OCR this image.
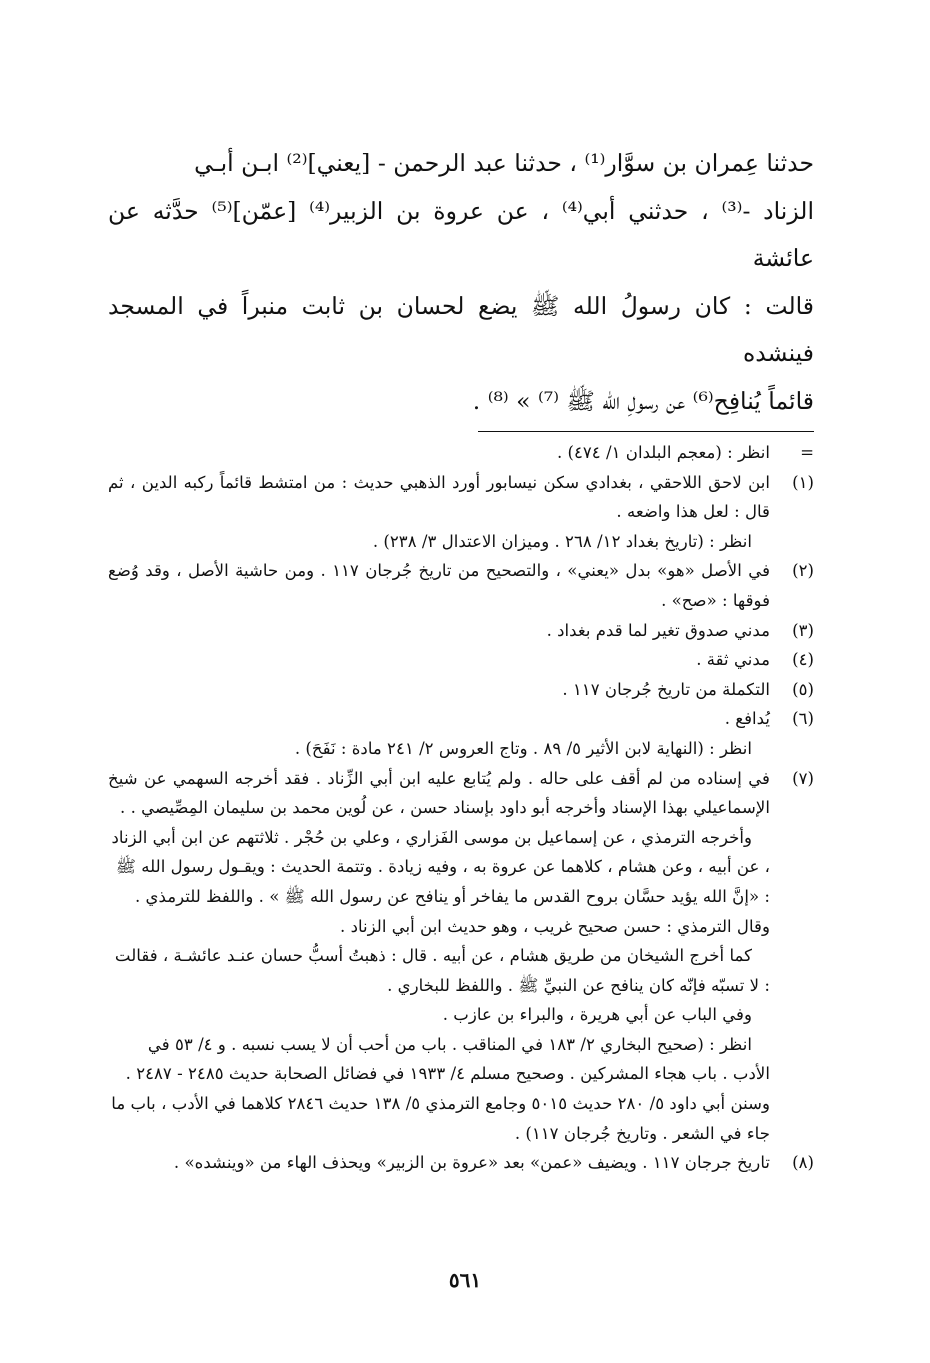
حدثنا عِمران بن سوَّار⁽¹⁾ ، حدثنا عبد الرحمن - [يعني]⁽²⁾ ابـن أبـي

الزناد -⁽³⁾ ، حدثني أبي⁽⁴⁾ ، عن عروة بن الزبير⁽⁴⁾ [عمّن]⁽⁵⁾ حدَّثه عن عائشة

قالت : كان رسولُ الله ﷺ يضع لحسان بن ثابت منبراً في المسجد فينشده

قائماً يُنافِح⁽⁶⁾ عن رسولِ الله ﷺ ⁽⁷⁾ » ⁽⁸⁾ .

=
انظر : (معجم البلدان ١/ ٤٧٤) .
(١)
ابن لاحق اللاحقي ، بغدادي سكن نيسابور أورد الذهبي حديث : من امتشط قائماً ركبه الدين ، ثم قال : لعل هذا واضعه .
انظر : (تاريخ بغداد ١٢/ ٢٦٨ . وميزان الاعتدال ٣/ ٢٣٨) .
(٢)
في الأصل «هو» بدل «يعني» ، والتصحيح من تاريخ جُرجان ١١٧ . ومن حاشية الأصل ، وقد وُضع فوقها : «صح» .
(٣)
مدني صدوق تغير لما قدم بغداد .
(٤)
مدني ثقة .
(٥)
التكملة من تاريخ جُرجان ١١٧ .
(٦)
يُدافع .
انظر : (النهاية لابن الأثير ٥/ ٨٩ . وتاج العروس ٢/ ٢٤١ مادة : نَفَحَ) .
(٧)
في إسناده من لم أقف على حاله . ولم يُتابع عليه ابن أبي الزِّناد . فقد أخرجه السهمي عن شيخ الإسماعيلي بهذا الإسناد وأخرجه أبو داود بإسناد حسن ، عن لُوين محمد بن سليمان المِصِّيصي . .
وأخرجه الترمذي ، عن إسماعيل بن موسى الفَزاري ، وعلي بن حُجْر . ثلاثتهم عن ابن أبي الزناد ، عن أبيه ، وعن هشام ، كلاهما عن عروة به ، وفيه زيادة . وتتمة الحديث : ويقـول رسول الله ﷺ : «إنَّ الله يؤيد حسَّان بروح القدس ما يفاخر أو ينافح عن رسول الله ﷺ » . واللفظ للترمذي . وقال الترمذي : حسن صحيح غريب ، وهو حديث ابن أبي الزناد .
كما أخرج الشيخان من طريق هشام ، عن أبيه . قال : ذهبتُ أسبُّ حسان عنـد عائشـة ، فقالت : لا تسبّه فإنّه كان ينافح عن النبيِّ ﷺ . واللفظ للبخاري .
وفي الباب عن أبي هريرة ، والبراء بن عازب .
انظر : (صحيح البخاري ٢/ ١٨٣ في المناقب . باب من أحب أن لا يسب نسبه . و ٤/ ٥٣ في الأدب . باب هجاء المشركين . وصحيح مسلم ٤/ ١٩٣٣ في فضائل الصحابة حديث ٢٤٨٥ - ٢٤٨٧ . وسنن أبي داود ٥/ ٢٨٠ حديث ٥٠١٥ وجامع الترمذي ٥/ ١٣٨ حديث ٢٨٤٦ كلاهما في الأدب ، باب ما جاء في الشعر . وتاريخ جُرجان ١١٧) .
(٨)
تاريخ جرجان ١١٧ . ويضيف «عمن» بعد «عروة بن الزبير» ويحذف الهاء من «وينشده» .
٥٦١
